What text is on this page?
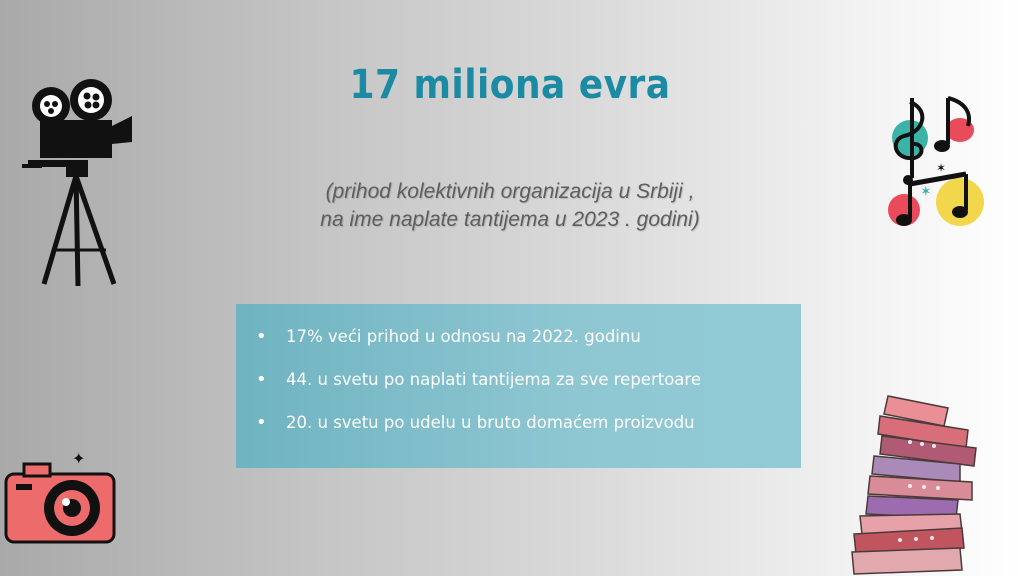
✶
✶
✦
17 miliona evra
(prihod kolektivnih organizacija u Srbiji ,
na ime naplate tantijema u 2023 . godini)
• 17% veći prihod u odnosu na 2022. godinu
• 44. u svetu po naplati tantijema za sve repertoare
• 20. u svetu po udelu u bruto domaćem proizvodu
